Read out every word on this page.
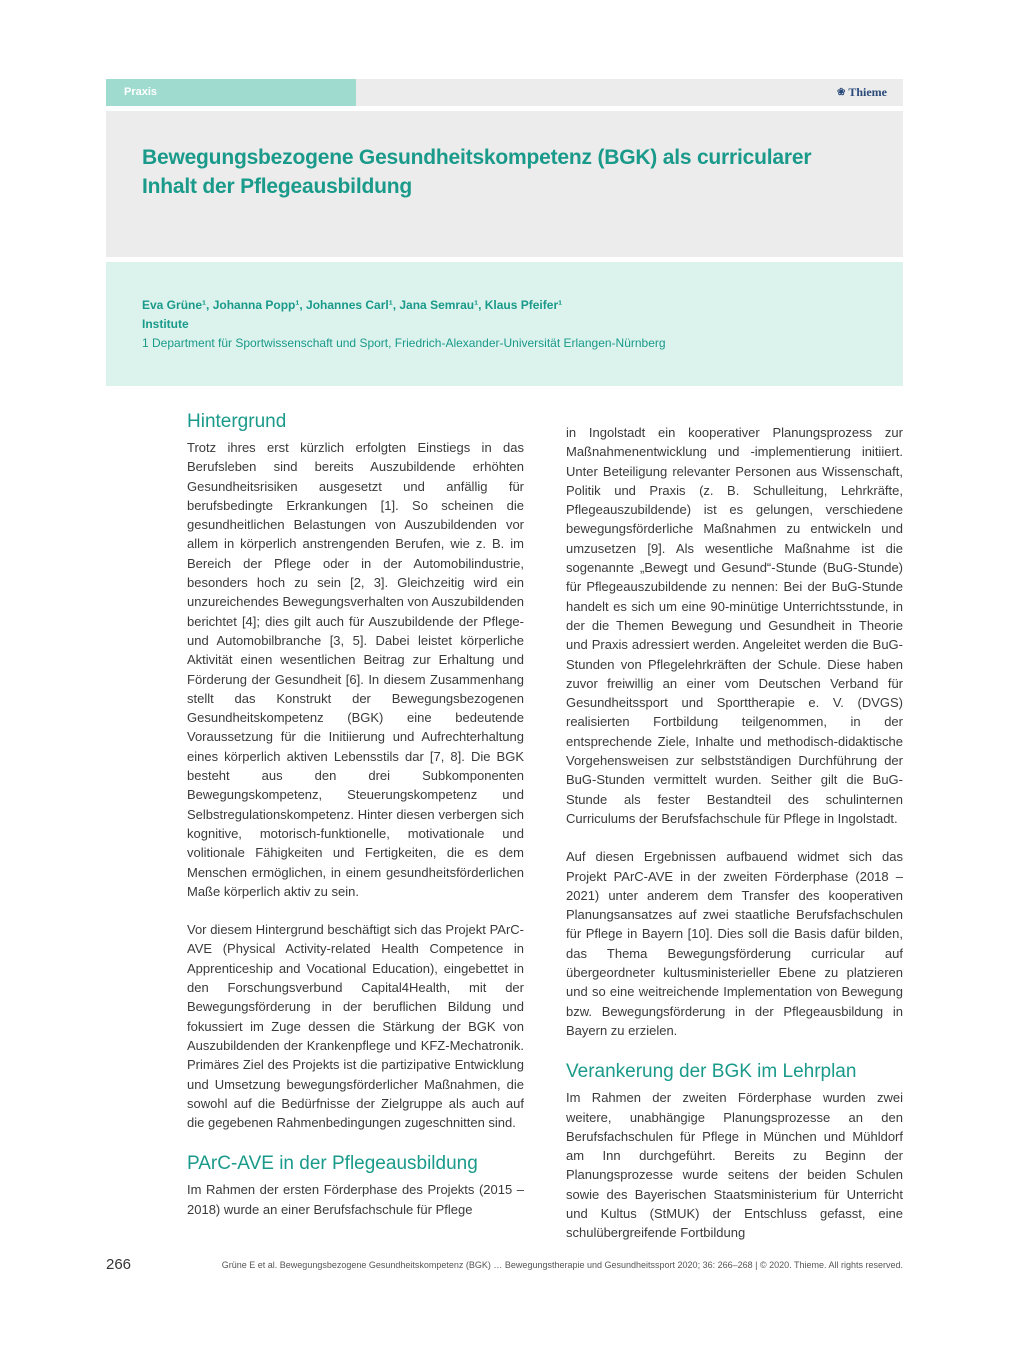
Praxis	❀ Thieme
Bewegungsbezogene Gesundheitskompetenz (BGK) als curricularer Inhalt der Pflegeausbildung
Eva Grüne¹, Johanna Popp¹, Johannes Carl¹, Jana Semrau¹, Klaus Pfeifer¹
Institute
1 Department für Sportwissenschaft und Sport, Friedrich-Alexander-Universität Erlangen-Nürnberg
Hintergrund

Trotz ihres erst kürzlich erfolgten Einstiegs in das Berufsleben sind bereits Auszubildende erhöhten Gesundheitsrisiken ausgesetzt und anfällig für berufsbedingte Erkrankungen [1]. So scheinen die gesundheitlichen Belastungen von Auszubildenden vor allem in körperlich anstrengenden Berufen, wie z. B. im Bereich der Pflege oder in der Automobilindustrie, besonders hoch zu sein [2, 3]. Gleichzeitig wird ein unzureichendes Bewegungsverhalten von Auszubildenden berichtet [4]; dies gilt auch für Auszubildende der Pflege- und Automobilbranche [3, 5]. Dabei leistet körperliche Aktivität einen wesentlichen Beitrag zur Erhaltung und Förderung der Gesundheit [6]. In diesem Zusammenhang stellt das Konstrukt der Bewegungsbezogenen Gesundheitskompetenz (BGK) eine bedeutende Voraussetzung für die Initiierung und Aufrechterhaltung eines körperlich aktiven Lebensstils dar [7, 8]. Die BGK besteht aus den drei Subkomponenten Bewegungskompetenz, Steuerungskompetenz und Selbstregulationskompetenz. Hinter diesen verbergen sich kognitive, motorisch-funktionelle, motivationale und volitionale Fähigkeiten und Fertigkeiten, die es dem Menschen ermöglichen, in einem gesundheitsförderlichen Maße körperlich aktiv zu sein.

Vor diesem Hintergrund beschäftigt sich das Projekt PArC-AVE (Physical Activity-related Health Competence in Apprenticeship and Vocational Education), eingebettet in den Forschungsverbund Capital4Health, mit der Bewegungsförderung in der beruflichen Bildung und fokussiert im Zuge dessen die Stärkung der BGK von Auszubildenden der Krankenpflege und KFZ-Mechatronik. Primäres Ziel des Projekts ist die partizipative Entwicklung und Umsetzung bewegungsförderlicher Maßnahmen, die sowohl auf die Bedürfnisse der Zielgruppe als auch auf die gegebenen Rahmenbedingungen zugeschnitten sind.

PArC-AVE in der Pflegeausbildung

Im Rahmen der ersten Förderphase des Projekts (2015 – 2018) wurde an einer Berufsfachschule für Pflege

in Ingolstadt ein kooperativer Planungsprozess zur Maßnahmenentwicklung und -implementierung initiiert. Unter Beteiligung relevanter Personen aus Wissenschaft, Politik und Praxis (z. B. Schulleitung, Lehrkräfte, Pflegeauszubildende) ist es gelungen, verschiedene bewegungsförderliche Maßnahmen zu entwickeln und umzusetzen [9]. Als wesentliche Maßnahme ist die sogenannte „Bewegt und Gesund“-Stunde (BuG-Stunde) für Pflegeauszubildende zu nennen: Bei der BuG-Stunde handelt es sich um eine 90-minütige Unterrichtsstunde, in der die Themen Bewegung und Gesundheit in Theorie und Praxis adressiert werden. Angeleitet werden die BuG-Stunden von Pflegelehrkräften der Schule. Diese haben zuvor freiwillig an einer vom Deutschen Verband für Gesundheitssport und Sporttherapie e. V. (DVGS) realisierten Fortbildung teilgenommen, in der entsprechende Ziele, Inhalte und methodisch-didaktische Vorgehensweisen zur selbstständigen Durchführung der BuG-Stunden vermittelt wurden. Seither gilt die BuG-Stunde als fester Bestandteil des schulinternen Curriculums der Berufsfachschule für Pflege in Ingolstadt.

Auf diesen Ergebnissen aufbauend widmet sich das Projekt PArC-AVE in der zweiten Förderphase (2018 – 2021) unter anderem dem Transfer des kooperativen Planungsansatzes auf zwei staatliche Berufsfachschulen für Pflege in Bayern [10]. Dies soll die Basis dafür bilden, das Thema Bewegungsförderung curricular auf übergeordneter kultusministerieller Ebene zu platzieren und so eine weitreichende Implementation von Bewegung bzw. Bewegungsförderung in der Pflegeausbildung in Bayern zu erzielen.

Verankerung der BGK im Lehrplan

Im Rahmen der zweiten Förderphase wurden zwei weitere, unabhängige Planungsprozesse an den Berufsfachschulen für Pflege in München und Mühldorf am Inn durchgeführt. Bereits zu Beginn der Planungsprozesse wurde seitens der beiden Schulen sowie des Bayerischen Staatsministerium für Unterricht und Kultus (StMUK) der Entschluss gefasst, eine schulübergreifende Fortbildung

266	Grüne E et al. Bewegungsbezogene Gesundheitskompetenz (BGK) … Bewegungstherapie und Gesundheitssport 2020; 36: 266–268 | © 2020. Thieme. All rights reserved.
